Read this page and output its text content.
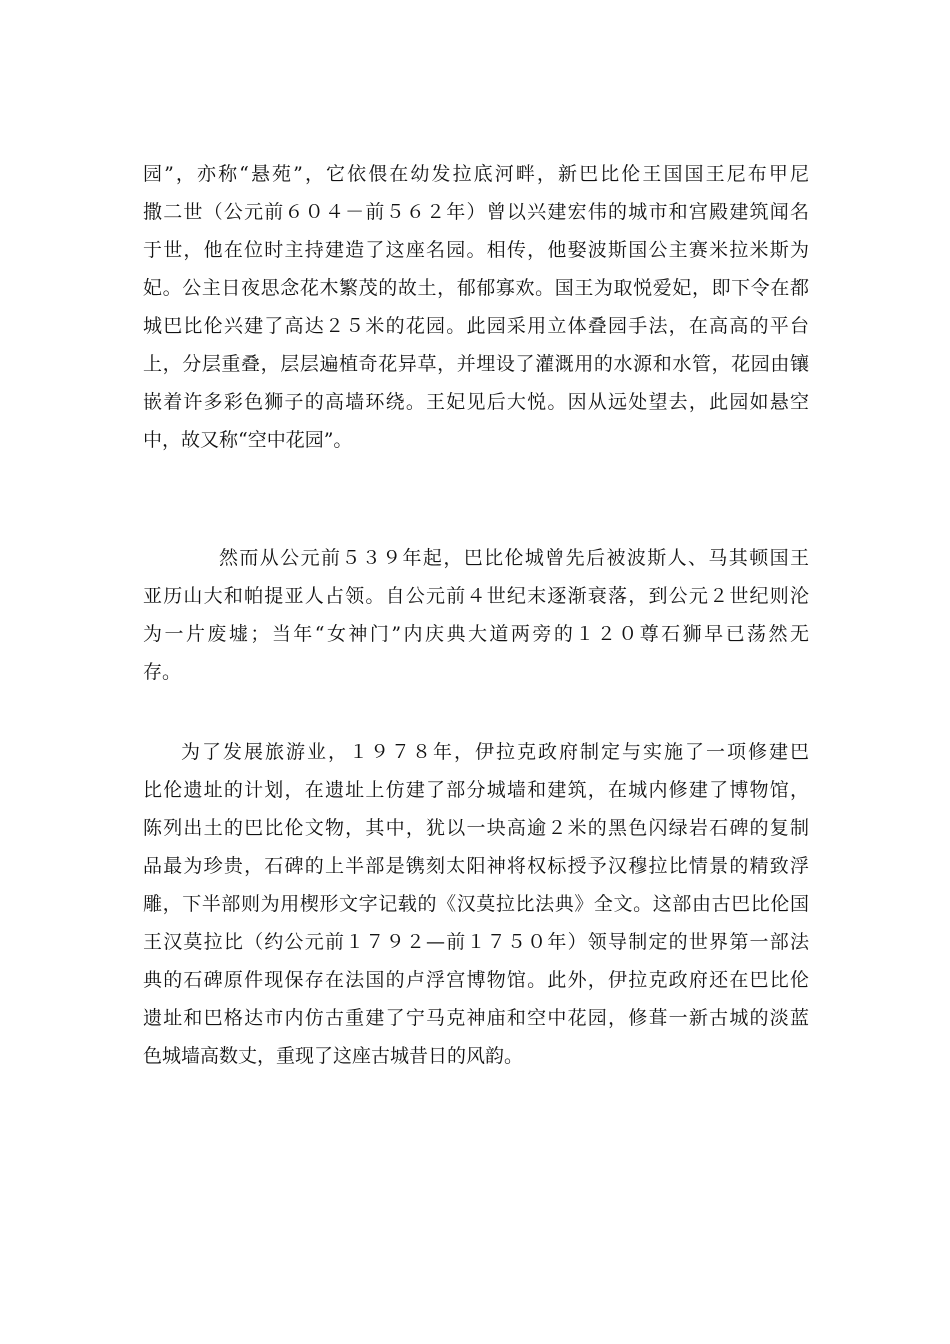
园”，亦称“悬苑”，它依偎在幼发拉底河畔，新巴比伦王国国王尼布甲尼
撒二世（公元前６０４－前５６２年）曾以兴建宏伟的城市和宫殿建筑闻名
于世，他在位时主持建造了这座名园。相传，他娶波斯国公主赛米拉米斯为
妃。公主日夜思念花木繁茂的故土，郁郁寡欢。国王为取悦爱妃，即下令在都
城巴比伦兴建了高达２５米的花园。此园采用立体叠园手法，在高高的平台
上，分层重叠，层层遍植奇花异草，并埋设了灌溉用的水源和水管，花园由镶
嵌着许多彩色狮子的高墙环绕。王妃见后大悦。因从远处望去，此园如悬空
中，故又称“空中花园”。
然而从公元前５３９年起，巴比伦城曾先后被波斯人、马其顿国王
亚历山大和帕提亚人占领。自公元前４世纪末逐渐衰落，到公元２世纪则沦
为一片废墟；当年“女神门”内庆典大道两旁的１２０尊石狮早已荡然无
存。
为了发展旅游业，１９７８年，伊拉克政府制定与实施了一项修建巴
比伦遗址的计划，在遗址上仿建了部分城墙和建筑，在城内修建了博物馆，
陈列出土的巴比伦文物，其中，犹以一块高逾２米的黑色闪绿岩石碑的复制
品最为珍贵，石碑的上半部是镌刻太阳神将权标授予汉穆拉比情景的精致浮
雕，下半部则为用楔形文字记载的《汉莫拉比法典》全文。这部由古巴比伦国
王汉莫拉比（约公元前１７９２—前１７５０年）领导制定的世界第一部法
典的石碑原件现保存在法国的卢浮宫博物馆。此外，伊拉克政府还在巴比伦
遗址和巴格达市内仿古重建了宁马克神庙和空中花园，修葺一新古城的淡蓝
色城墙高数丈，重现了这座古城昔日的风韵。
